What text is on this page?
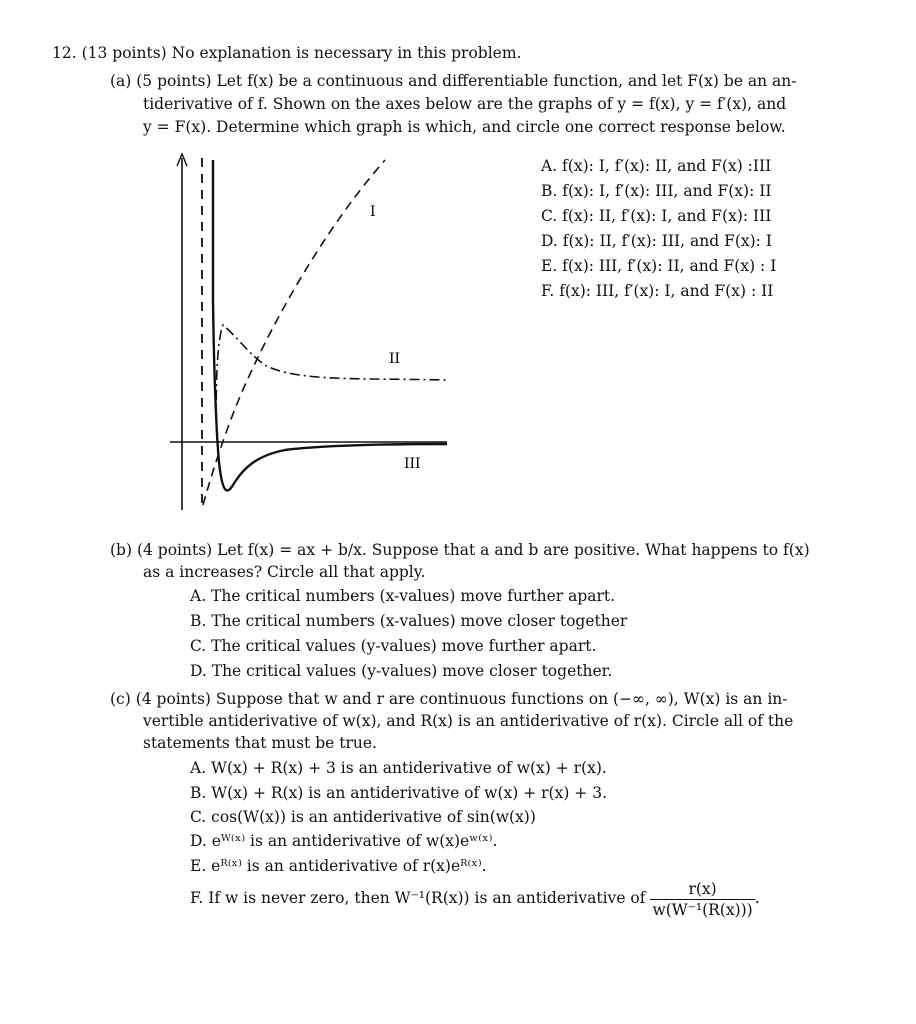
12. (13 points) No explanation is necessary in this problem.
(a) (5 points) Let f(x) be a continuous and differentiable function, and let F(x) be an an-
tiderivative of f. Shown on the axes below are the graphs of y = f(x), y = f′(x), and
y = F(x). Determine which graph is which, and circle one correct response below.
I
II
III
A. f(x): I, f′(x): II, and F(x) :III
B. f(x): I, f′(x): III, and F(x): II
C. f(x): II, f′(x): I, and F(x): III
D. f(x): II, f′(x): III, and F(x): I
E. f(x): III, f′(x): II, and F(x) : I
F. f(x): III, f′(x): I, and F(x) : II
(b) (4 points) Let f(x) = ax + b/x. Suppose that a and b are positive. What happens to f(x)
as a increases? Circle all that apply.
A. The critical numbers (x-values) move further apart.
B. The critical numbers (x-values) move closer together
C. The critical values (y-values) move further apart.
D. The critical values (y-values) move closer together.
(c) (4 points) Suppose that w and r are continuous functions on (−∞, ∞), W(x) is an in-
vertible antiderivative of w(x), and R(x) is an antiderivative of r(x). Circle all of the
statements that must be true.
A. W(x) + R(x) + 3 is an antiderivative of w(x) + r(x).
B. W(x) + R(x) is an antiderivative of w(x) + r(x) + 3.
C. cos(W(x)) is an antiderivative of sin(w(x))
D. eᵂ⁽ˣ⁾ is an antiderivative of w(x)eʷ⁽ˣ⁾.
E. eᴿ⁽ˣ⁾ is an antiderivative of r(x)eᴿ⁽ˣ⁾.
F. If w is never zero, then W⁻¹(R(x)) is an antiderivative of $\frac{r(x)}{\text{w(W⁻¹(R(x)))}}$ .
